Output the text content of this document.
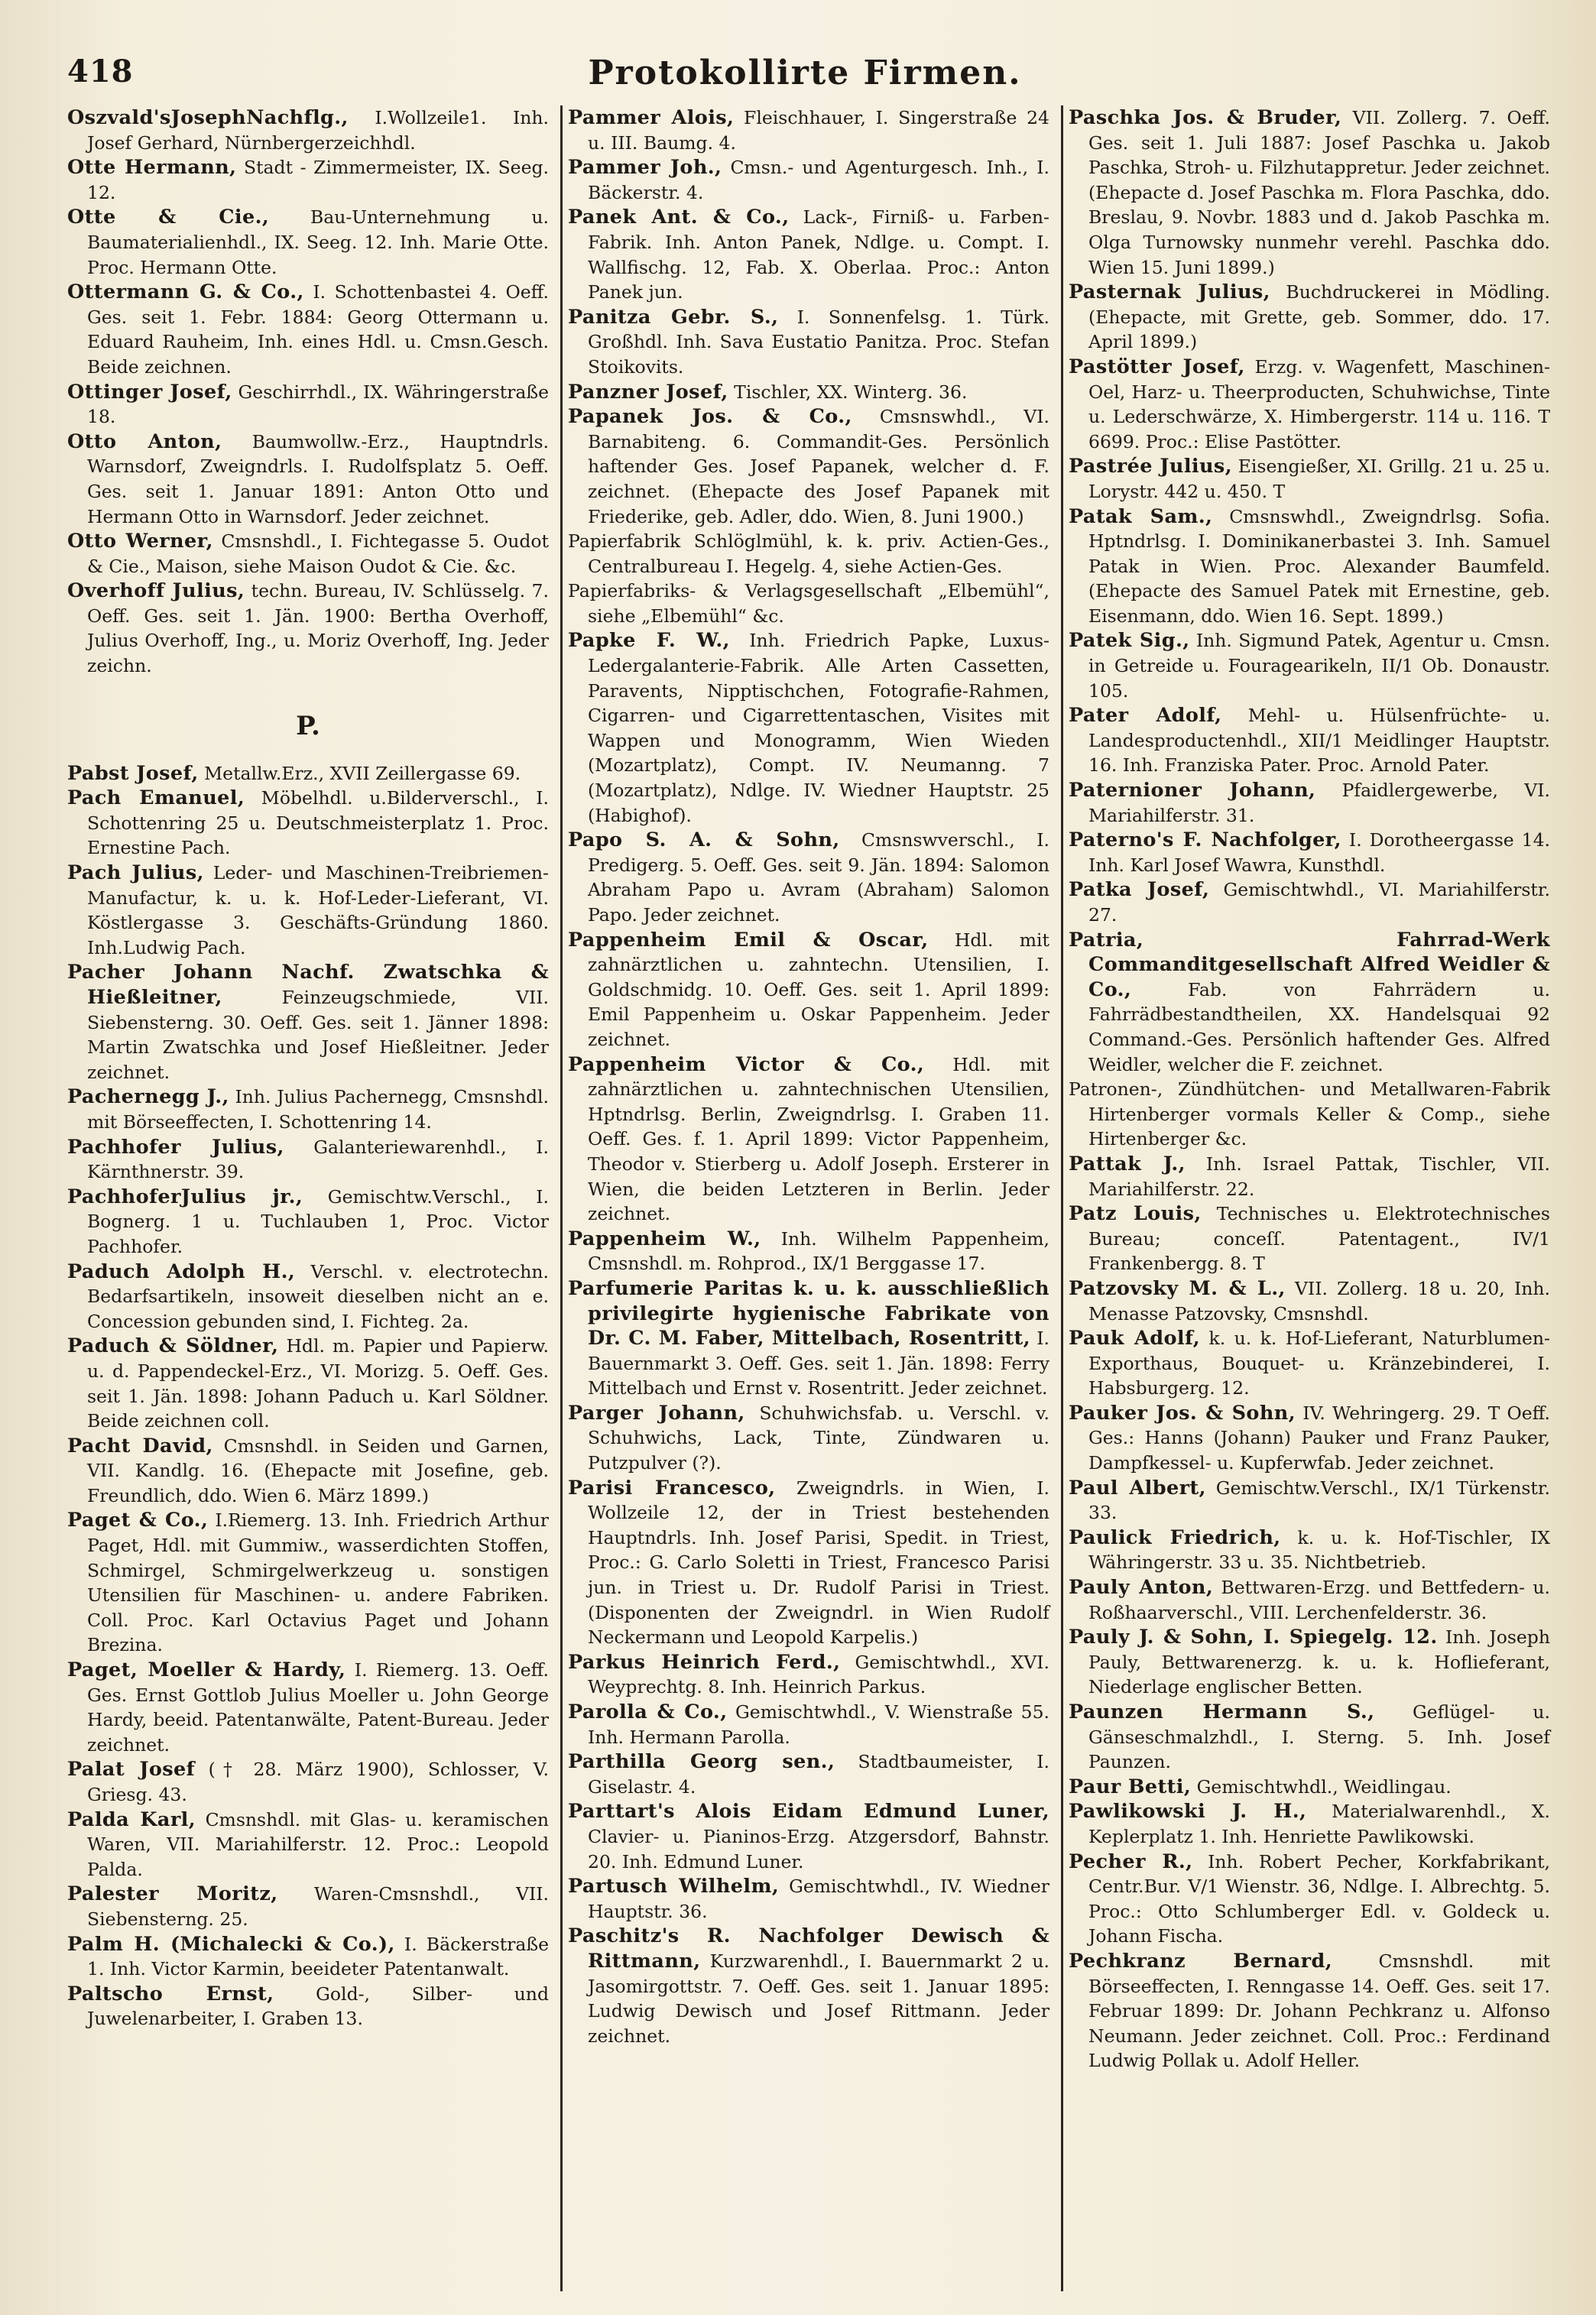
418	Protokollirte Firmen.

Oszvald'sJosephNachflg., I.Wollzeile1. Inh. Josef Gerhard, Nürnbergerzeichhdl.

Otte Hermann, Stadt - Zimmermeister, IX. Seeg. 12.

Otte & Cie., Bau-Unternehmung u. Baumaterialienhdl., IX. Seeg. 12. Inh. Marie Otte. Proc. Hermann Otte.

Ottermann G. & Co., I. Schottenbastei 4. Oeff. Ges. seit 1. Febr. 1884: Georg Ottermann u. Eduard Rauheim, Inh. eines Hdl. u. Cmsn.Gesch. Beide zeichnen.

Ottinger Josef, Geschirrhdl., IX. Währingerstraße 18.

Otto Anton, Baumwollw.-Erz., Hauptndrls. Warnsdorf, Zweigndrls. I. Rudolfsplatz 5. Oeff. Ges. seit 1. Januar 1891: Anton Otto und Hermann Otto in Warnsdorf. Jeder zeichnet.

Otto Werner, Cmsnshdl., I. Fichtegasse 5. Oudot & Cie., Maison, siehe Maison Oudot & Cie. &c.

Overhoff Julius, techn. Bureau, IV. Schlüsselg. 7. Oeff. Ges. seit 1. Jän. 1900: Bertha Overhoff, Julius Overhoff, Ing., u. Moriz Overhoff, Ing. Jeder zeichn.

P.

Pabst Josef, Metallw.Erz., XVII Zeillergasse 69.

Pach Emanuel, Möbelhdl. u.Bilderverschl., I. Schottenring 25 u. Deutschmeisterplatz 1. Proc. Ernestine Pach.

Pach Julius, Leder- und Maschinen-Treibriemen-Manufactur, k. u. k. Hof-Leder-Lieferant, VI. Köstlergasse 3. Geschäfts-Gründung 1860. Inh.Ludwig Pach.

Pacher Johann Nachf. Zwatschka & Hießleitner,	Feinzeugschmiede, VII. Siebensterng. 30. Oeff. Ges. seit 1. Jänner 1898: Martin Zwatschka und Josef Hießleitner. Jeder zeichnet.

Pachernegg J., Inh. Julius Pachernegg, Cmsnshdl. mit Börseeffecten, I. Schottenring 14.

Pachhofer Julius, Galanteriewarenhdl., I. Kärnthnerstr. 39.

PachhoferJulius jr., Gemischtw.Verschl., I. Bognerg. 1 u. Tuchlauben 1, Proc. Victor Pachhofer.

Paduch Adolph H., Verschl. v. electrotechn. Bedarfsartikeln, insoweit dieselben nicht an e. Concession gebunden sind, I. Fichteg. 2a.

Paduch & Söldner, Hdl. m. Papier und Papierw. u. d. Pappendeckel-Erz., VI. Morizg. 5. Oeff. Ges. seit 1. Jän. 1898: Johann Paduch u. Karl Söldner. Beide zeichnen coll.

Pacht David, Cmsnshdl. in Seiden und Garnen, VII. Kandlg. 16. (Ehepacte mit Josefine, geb. Freundlich, ddo. Wien 6. März 1899.)

Paget & Co., I.Riemerg. 13. Inh. Friedrich Arthur Paget, Hdl. mit Gummiw., wasserdichten Stoffen, Schmirgel, Schmirgelwerkzeug u. sonstigen Utensilien für Maschinen- u. andere Fabriken. Coll. Proc. Karl Octavius Paget und Johann Brezina.

Paget, Moeller & Hardy, I. Riemerg. 13. Oeff. Ges. Ernst Gottlob Julius Moeller u. John George Hardy, beeid. Patentanwälte, Patent-Bureau. Jeder zeichnet.

Palat Josef († 28. März 1900), Schlosser, V. Griesg. 43.

Palda Karl, Cmsnshdl. mit Glas- u. keramischen Waren, VII. Mariahilferstr. 12. Proc.: Leopold Palda.

Palester Moritz, Waren-Cmsnshdl., VII. Siebensterng. 25.

Palm H. (Michalecki & Co.), I. Bäckerstraße 1. Inh. Victor Karmin, beeideter Patentanwalt.

Paltscho Ernst, Gold-, Silber- und Juwelenarbeiter, I. Graben 13.

Pammer Alois, Fleischhauer, I. Singerstraße 24 u. III. Baumg. 4.

Pammer Joh., Cmsn.- und Agenturgesch. Inh., I. Bäckerstr. 4.

Panek Ant. & Co., Lack-, Firniß- u. Farben-Fabrik. Inh. Anton Panek, Ndlge. u. Compt. I. Wallfischg. 12, Fab. X. Oberlaa. Proc.: Anton Panek jun.

Panitza Gebr. S., I. Sonnenfelsg. 1. Türk. Großhdl. Inh. Sava Eustatio Panitza. Proc. Stefan Stoikovits.

Panzner Josef, Tischler, XX. Winterg. 36.

Papanek Jos. & Co., Cmsnswhdl., VI. Barnabiteng. 6. Commandit-Ges. Persönlich haftender Ges. Josef Papanek, welcher d. F. zeichnet. (Ehepacte des Josef Papanek mit Friederike, geb. Adler, ddo. Wien, 8. Juni 1900.)

Papierfabrik Schlöglmühl, k. k. priv. Actien-Ges., Centralbureau I. Hegelg. 4, siehe Actien-Ges.

Papierfabriks- & Verlagsgesellschaft „Elbemühl“, siehe „Elbemühl“ &c.

Papke F. W., Inh. Friedrich Papke, Luxus-Ledergalanterie-Fabrik. Alle Arten Cassetten, Paravents, Nipptischchen, Fotografie-Rahmen, Cigarren- und Cigarrettentaschen, Visites mit Wappen und Monogramm, Wien Wieden (Mozartplatz), Compt. IV. Neumanng. 7 (Mozartplatz), Ndlge. IV. Wiedner Hauptstr. 25 (Habighof).

Papo S. A. & Sohn, Cmsnswverschl., I. Predigerg. 5. Oeff. Ges. seit 9. Jän. 1894: Salomon Abraham Papo u. Avram (Abraham) Salomon Papo. Jeder zeichnet.

Pappenheim Emil & Oscar, Hdl. mit zahnärztlichen u. zahntechn. Utensilien, I. Goldschmidg. 10. Oeff. Ges. seit 1. April 1899: Emil Pappenheim u. Oskar Pappenheim. Jeder zeichnet.

Pappenheim Victor & Co., Hdl. mit zahnärztlichen u. zahntechnischen Utensilien, Hptndrlsg. Berlin, Zweigndrlsg. I. Graben 11. Oeff. Ges. f. 1. April 1899: Victor Pappenheim, Theodor v. Stierberg u. Adolf Joseph. Ersterer in Wien, die beiden Letzteren in Berlin. Jeder zeichnet.

Pappenheim W., Inh. Wilhelm Pappenheim, Cmsnshdl. m. Rohprod., IX/1 Berggasse 17.

Parfumerie Paritas k. u. k. ausschließlich privilegirte hygienische Fabrikate von Dr. C. M. Faber, Mittelbach, Rosentritt, I. Bauernmarkt 3. Oeff. Ges. seit 1. Jän. 1898: Ferry Mittelbach und Ernst v. Rosentritt. Jeder zeichnet.

Parger Johann, Schuhwichsfab. u. Verschl. v. Schuhwichs, Lack, Tinte, Zündwaren u. Putzpulver (?).

Parisi Francesco, Zweigndrls. in Wien, I. Wollzeile 12, der in Triest bestehenden Hauptndrls. Inh. Josef Parisi, Spedit. in Triest, Proc.: G. Carlo Soletti in Triest, Francesco Parisi jun. in Triest u. Dr. Rudolf Parisi in Triest. (Disponenten der Zweigndrl. in Wien Rudolf Neckermann und Leopold Karpelis.)

Parkus Heinrich Ferd., Gemischtwhdl., XVI. Weyprechtg. 8. Inh. Heinrich Parkus.

Parolla & Co., Gemischtwhdl., V. Wienstraße 55. Inh. Hermann Parolla.

Parthilla Georg sen., Stadtbaumeister, I. Giselastr. 4.

Parttart's Alois Eidam Edmund Luner, Clavier- u. Pianinos-Erzg. Atzgersdorf, Bahnstr. 20. Inh. Edmund Luner.

Partusch Wilhelm, Gemischtwhdl., IV. Wiedner Hauptstr. 36.

Paschitz's R. Nachfolger Dewisch & Rittmann, Kurzwarenhdl., I. Bauernmarkt 2 u. Jasomirgottstr. 7. Oeff. Ges. seit 1. Januar 1895: Ludwig Dewisch und Josef Rittmann. Jeder zeichnet.

Paschka Jos. & Bruder, VII. Zollerg. 7. Oeff. Ges. seit 1. Juli 1887: Josef Paschka u. Jakob Paschka, Stroh- u. Filzhutappretur. Jeder zeichnet. (Ehepacte d. Josef Paschka m. Flora Paschka, ddo. Breslau, 9. Novbr. 1883 und d. Jakob Paschka m. Olga Turnowsky nunmehr verehl. Paschka ddo. Wien 15. Juni 1899.)

Pasternak Julius, Buchdruckerei in Mödling. (Ehepacte, mit Grette, geb. Sommer, ddo. 17. April 1899.)

Pastötter Josef, Erzg. v. Wagenfett, Maschinen-Oel, Harz- u. Theerproducten, Schuhwichse, Tinte u. Lederschwärze, X. Himbergerstr. 114 u. 116. T 6699. Proc.: Elise Pastötter.

Pastrée Julius, Eisengießer, XI. Grillg. 21 u. 25 u. Lorystr. 442 u. 450. T

Patak Sam., Cmsnswhdl., Zweigndrlsg. Sofia. Hptndrlsg. I. Dominikanerbastei 3. Inh. Samuel Patak in Wien. Proc. Alexander Baumfeld. (Ehepacte des Samuel Patek mit Ernestine, geb. Eisenmann, ddo. Wien 16. Sept. 1899.)

Patek Sig., Inh. Sigmund Patek, Agentur u. Cmsn. in Getreide u. Fouragearikeln, II/1 Ob. Donaustr. 105.

Pater Adolf, Mehl- u. Hülsenfrüchte- u. Landesproductenhdl., XII/1 Meidlinger Hauptstr. 16. Inh. Franziska Pater. Proc. Arnold Pater.

Paternioner Johann, Pfaidlergewerbe, VI. Mariahilferstr. 31.

Paterno's F. Nachfolger, I. Dorotheergasse 14. Inh. Karl Josef Wawra, Kunsthdl.

Patka Josef, Gemischtwhdl., VI. Mariahilferstr. 27.

Patria, Fahrrad-Werk Commanditgesellschaft Alfred Weidler & Co.,	Fab. von Fahrrädern u. Fahrrädbestandtheilen, XX. Handelsquai 92 Command.-Ges. Persönlich haftender Ges. Alfred Weidler, welcher die F. zeichnet.

Patronen-, Zündhütchen- und Metallwaren-Fabrik Hirtenberger vormals Keller & Comp., siehe Hirtenberger &c.

Pattak J., Inh. Israel Pattak, Tischler, VII. Mariahilferstr. 22.

Patz Louis, Technisches u. Elektrotechnisches Bureau; conceſſ. Patentagent., IV/1 Frankenbergg. 8. T

Patzovsky M. & L., VII. Zollerg. 18 u. 20, Inh. Menasse Patzovsky, Cmsnshdl.

Pauk Adolf, k. u. k. Hof-Lieferant, Naturblumen-Exporthaus, Bouquet- u. Kränzebinderei, I. Habsburgerg. 12.

Pauker Jos. & Sohn, IV. Wehringerg. 29. T Oeff. Ges.: Hanns (Johann) Pauker und Franz Pauker, Dampfkessel- u. Kupferwfab. Jeder zeichnet.

Paul Albert, Gemischtw.Verschl., IX/1 Türkenstr. 33.

Paulick Friedrich, k. u. k. Hof-Tischler, IX Währingerstr. 33 u. 35. Nichtbetrieb.

Pauly Anton, Bettwaren-Erzg. und Bettfedern- u. Roßhaarverschl., VIII. Lerchenfelderstr. 36.

Pauly J. & Sohn, I. Spiegelg. 12. Inh. Joseph Pauly, Bettwarenerzg. k. u. k. Hoflieferant, Niederlage englischer Betten.

Paunzen Hermann S., Geflügel- u. Gänseschmalzhdl., I. Sterng. 5. Inh. Josef Paunzen.

Paur Betti, Gemischtwhdl., Weidlingau.

Pawlikowski J. H., Materialwarenhdl., X. Keplerplatz 1. Inh. Henriette Pawlikowski.

Pecher R., Inh. Robert Pecher, Korkfabrikant, Centr.Bur. V/1 Wienstr. 36, Ndlge. I. Albrechtg. 5. Proc.: Otto Schlumberger Edl. v. Goldeck u. Johann Fischa.

Pechkranz Bernard,	Cmsnshdl. mit Börseeffecten, I. Renngasse 14. Oeff. Ges. seit 17. Februar 1899: Dr. Johann Pechkranz u. Alfonso Neumann. Jeder zeichnet. Coll. Proc.: Ferdinand Ludwig Pollak u. Adolf Heller.
